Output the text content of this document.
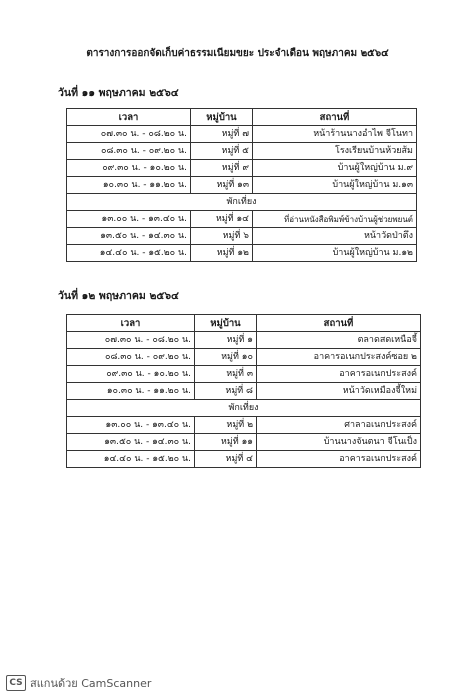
ตารางการออกจัดเก็บค่าธรรมเนียมขยะ ประจำเดือน พฤษภาคม ๒๕๖๔
วันที่ ๑๑ พฤษภาคม ๒๕๖๔
เวลา	หมู่บ้าน	สถานที่
๐๗.๓๐ น. - ๐๘.๒๐ น.	หมู่ที่ ๗	หน้าร้านนางอำไพ จีโนทา
๐๘.๓๐ น. - ๐๙.๒๐ น.	หมู่ที่ ๕	โรงเรียนบ้านห้วยส้ม
๐๙.๓๐ น. - ๑๐.๒๐ น.	หมู่ที่ ๙	บ้านผู้ใหญ่บ้าน ม.๙
๑๐.๓๐ น. - ๑๑.๒๐ น.	หมู่ที่ ๑๓	บ้านผู้ใหญ่บ้าน ม.๑๓
พักเที่ยง		
๑๓.๐๐ น. - ๑๓.๔๐ น.	หมู่ที่ ๑๔	ที่อ่านหนังสือพิมพ์ข้างบ้านผู้ช่วยพยนต์
๑๓.๕๐ น. - ๑๔.๓๐ น.	หมู่ที่ ๖	หน้าวัดป่าตึง
๑๔.๔๐ น. - ๑๕.๒๐ น.	หมู่ที่ ๑๒	บ้านผู้ใหญ่บ้าน ม.๑๒
วันที่ ๑๒ พฤษภาคม ๒๕๖๔
เวลา	หมู่บ้าน	สถานที่
๐๗.๓๐ น. - ๐๘.๒๐ น.	หมู่ที่ ๑	ตลาดสดเหนือจี้
๐๘.๓๐ น. - ๐๙.๒๐ น.	หมู่ที่ ๑๐	อาคารอเนกประสงค์ซอย ๒
๐๙.๓๐ น. - ๑๐.๒๐ น.	หมู่ที่ ๓	อาคารอเนกประสงค์
๑๐.๓๐ น. - ๑๑.๒๐ น.	หมู่ที่ ๘	หน้าวัดเหมืองจี้ใหม่
พักเที่ยง		
๑๓.๐๐ น. - ๑๓.๔๐ น.	หมู่ที่ ๒	ศาลาอเนกประสงค์
๑๓.๕๐ น. - ๑๔.๓๐ น.	หมู่ที่ ๑๑	บ้านนางจันตนา จีโนเป็ง
๑๔.๔๐ น. - ๑๕.๒๐ น.	หมู่ที่ ๔	อาคารอเนกประสงค์
CS สแกนด้วย CamScanner
